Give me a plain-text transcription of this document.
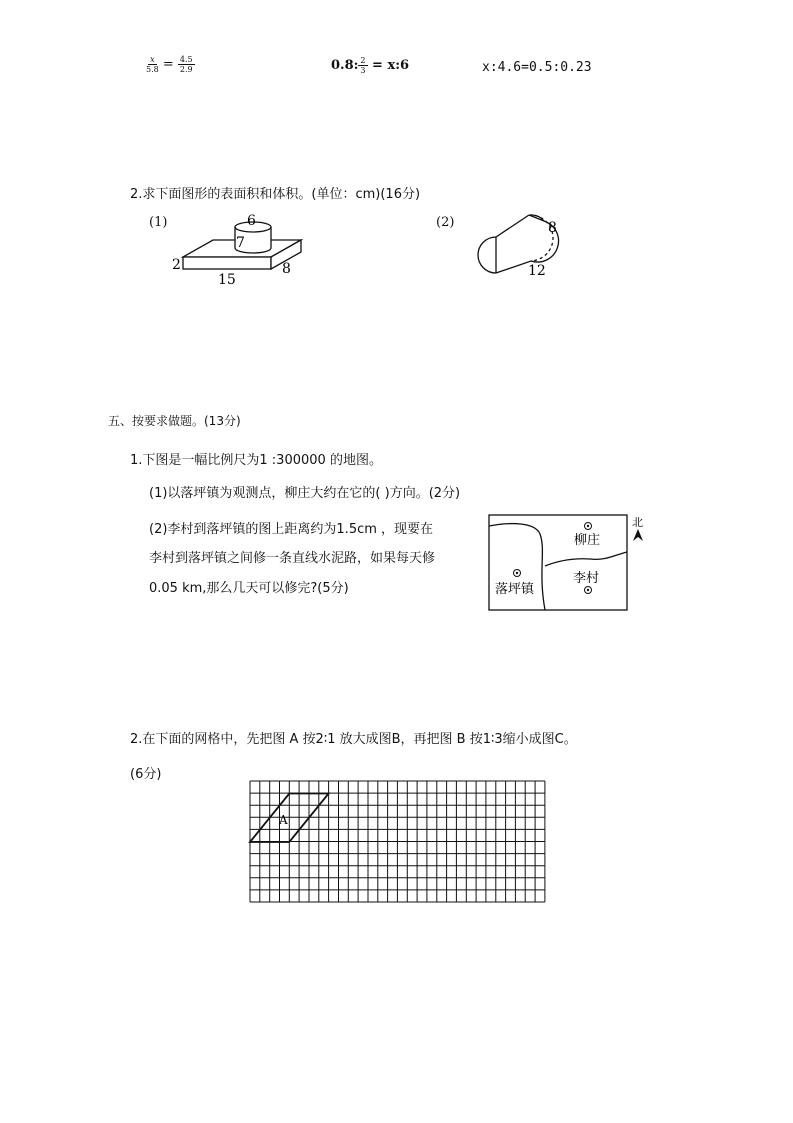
$\frac{x}{5.8} = \frac{4.5}{2.9}$	0.8: $\frac{2}{3}$ = x:6	x:4.6=0.5:0.23
2.求下面图形的表面积和体积。(单位：cm)(16分)
(1)	(2)
6
7
2
15
8
8
12
五、按要求做题。(13分)
1.下图是一幅比例尺为1 :300000 的地图。
(1)以落坪镇为观测点，柳庄大约在它的( )方向。(2分)
(2)李村到落坪镇的图上距离约为1.5cm ，现要在
李村到落坪镇之间修一条直线水泥路，如果每天修
0.05 km,那么几天可以修完?(5分)
柳庄
落坪镇
李村
北
2.在下面的网格中，先把图 A 按2∶1 放大成图B，再把图 B 按1∶3缩小成图C。
(6分)
A
